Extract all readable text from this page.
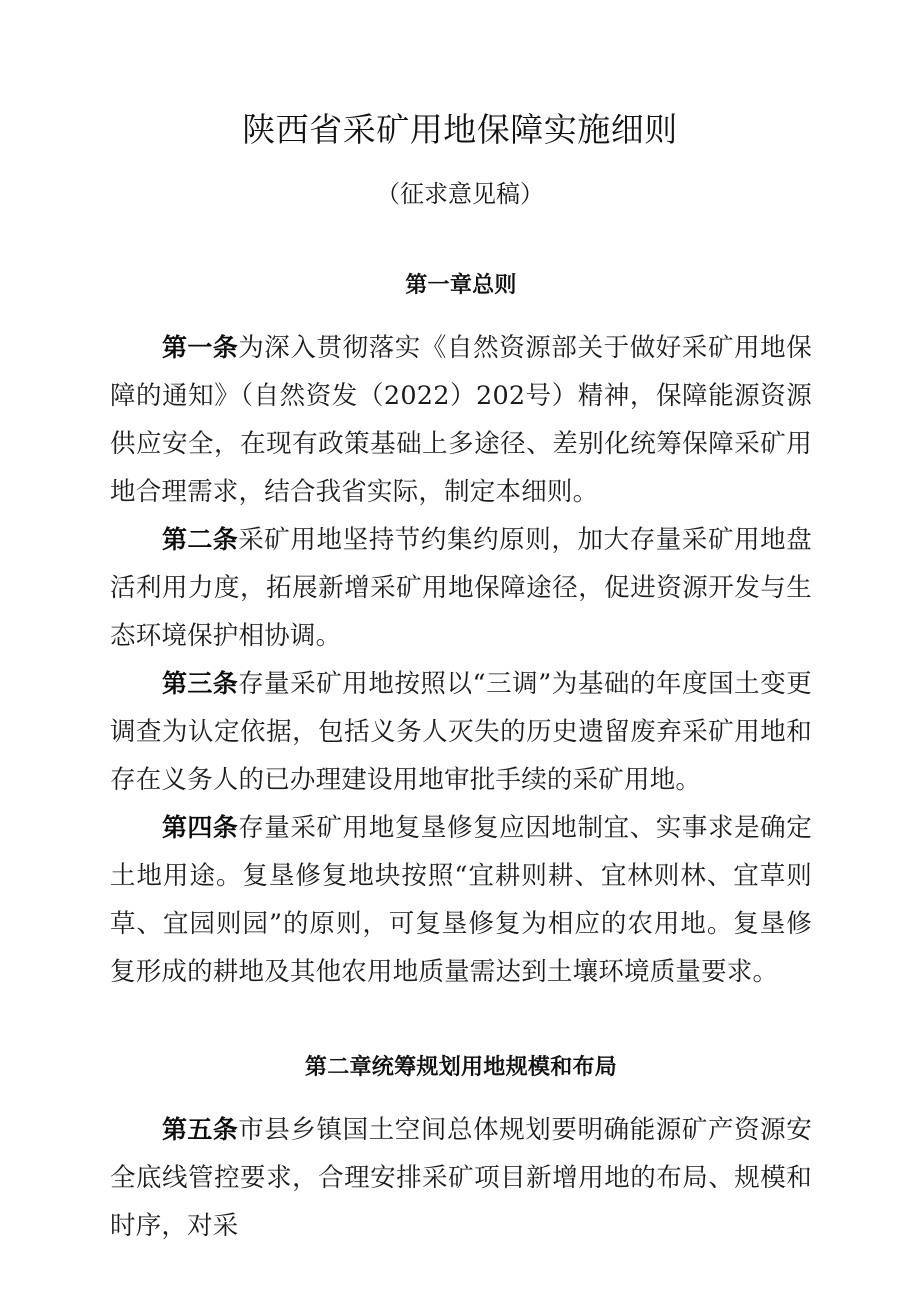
陕西省采矿用地保障实施细则
（征求意见稿）
第一章总则

第一条为深入贯彻落实《自然资源部关于做好采矿用地保障的通知》（自然资发（2022）202号）精神，保障能源资源供应安全，在现有政策基础上多途径、差别化统筹保障采矿用地合理需求，结合我省实际，制定本细则。

第二条采矿用地坚持节约集约原则，加大存量采矿用地盘活利用力度，拓展新增采矿用地保障途径，促进资源开发与生态环境保护相协调。

第三条存量采矿用地按照以“三调”为基础的年度国土变更调查为认定依据，包括义务人灭失的历史遗留废弃采矿用地和存在义务人的已办理建设用地审批手续的采矿用地。

第四条存量采矿用地复垦修复应因地制宜、实事求是确定土地用途。复垦修复地块按照“宜耕则耕、宜林则林、宜草则草、宜园则园”的原则，可复垦修复为相应的农用地。复垦修复形成的耕地及其他农用地质量需达到土壤环境质量要求。

第二章统筹规划用地规模和布局

第五条市县乡镇国土空间总体规划要明确能源矿产资源安全底线管控要求，合理安排采矿项目新增用地的布局、规模和时序，对采
